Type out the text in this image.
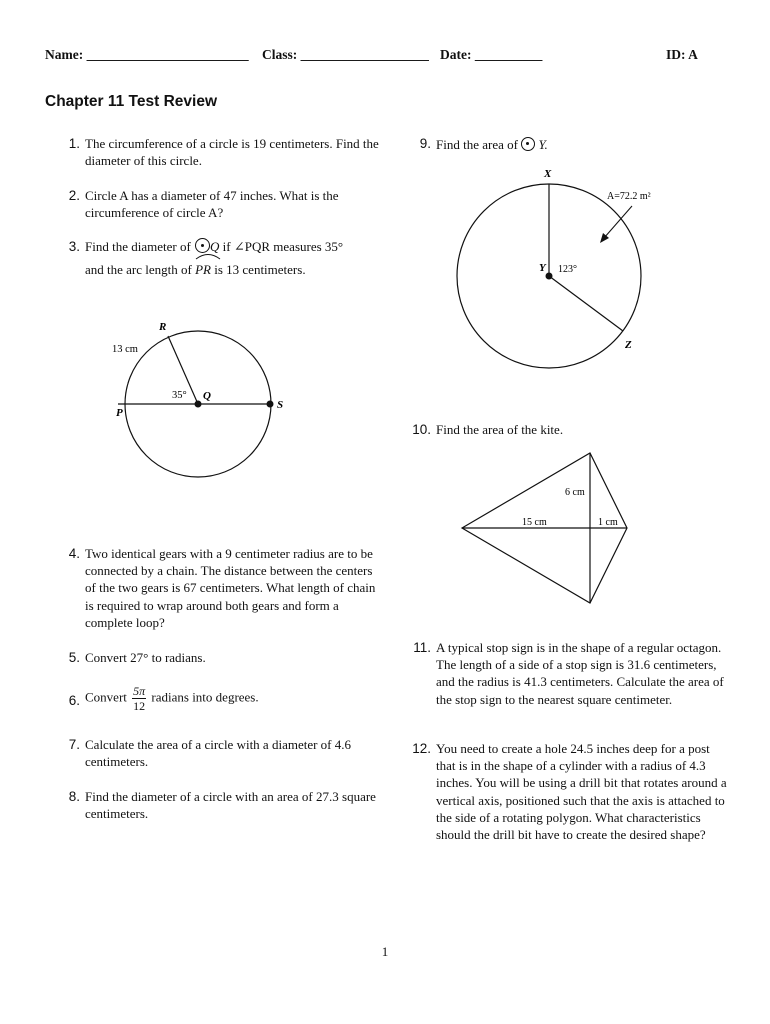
Name: ________________________ Class: ___________________ Date: __________	ID: A
Chapter 11 Test Review
1. The circumference of a circle is 19 centimeters. Find the diameter of this circle.
2. Circle A has a diameter of 47 inches. What is the circumference of circle A?
3. Find the diameter of Q if ∠PQR measures 35°
and the arc length of PR is 13 centimeters.
R
13 cm
35° Q
P
S
4. Two identical gears with a 9 centimeter radius are to be connected by a chain. The distance between the centers of the two gears is 67 centimeters. What length of chain is required to wrap around both gears and form a complete loop?
5. Convert 27° to radians.
6. Convert $\frac{5\pi}{12}$ radians into degrees.
7. Calculate the area of a circle with a diameter of 4.6 centimeters.
8. Find the diameter of a circle with an area of 27.3 square centimeters.
9. Find the area of Y.
X
A=72.2 m²
Y 123°
Z
10. Find the area of the kite.
6 cm
15 cm	1 cm
11. A typical stop sign is in the shape of a regular octagon. The length of a side of a stop sign is 31.6 centimeters, and the radius is 41.3 centimeters. Calculate the area of the stop sign to the nearest square centimeter.
12. You need to create a hole 24.5 inches deep for a post that is in the shape of a cylinder with a radius of 4.3 inches. You will be using a drill bit that rotates around a vertical axis, positioned such that the axis is attached to the side of a rotating polygon. What characteristics should the drill bit have to create the desired shape?
1
